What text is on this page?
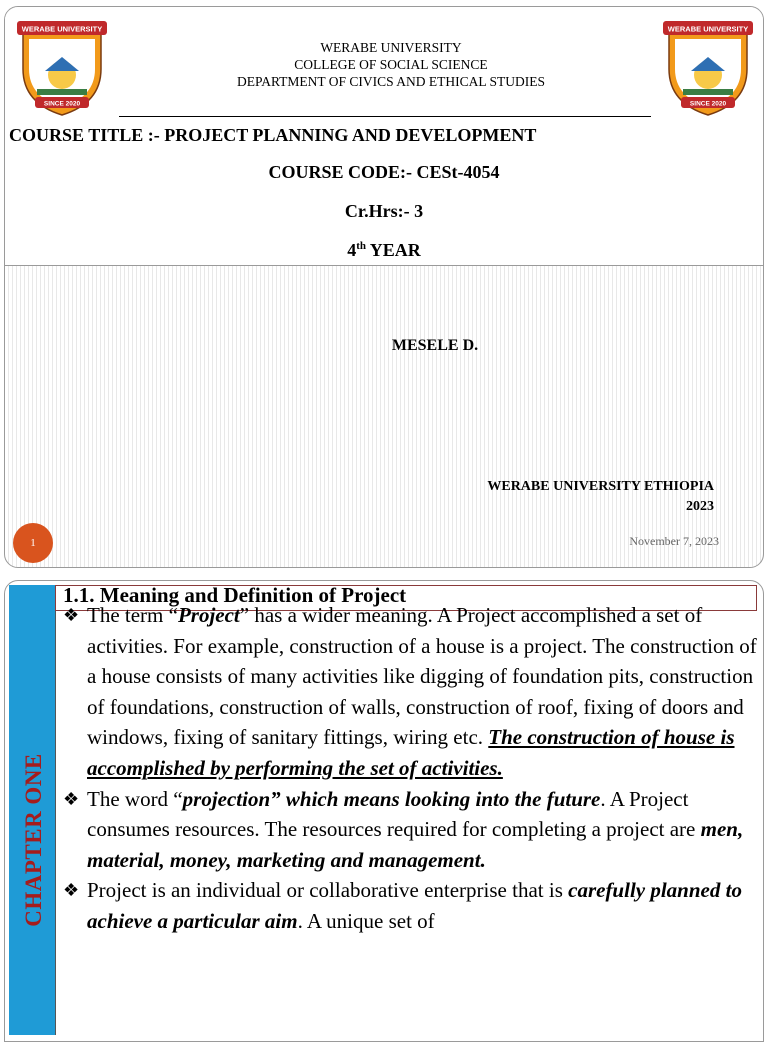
WERABE UNIVERSITY
SINCE 2020
WERABE UNIVERSITY
COLLEGE OF SOCIAL SCIENCE
DEPARTMENT OF CIVICS AND ETHICAL STUDIES
WERABE UNIVERSITY
SINCE 2020
COURSE TITLE :- PROJECT PLANNING AND DEVELOPMENT
COURSE CODE:- CESt-4054
Cr.Hrs:- 3
4th YEAR
MESELE D.
WERABE UNIVERSITY ETHIOPIA
2023
1	November 7, 2023
CHAPTER ONE
1.1. Meaning and Definition of Project
❖ The term “Project” has a wider meaning. A Project accomplished a set of activities. For example, construction of a house is a project. The construction of a house consists of many activities like digging of foundation pits, construction of foundations, construction of walls, construction of roof, fixing of doors and windows, fixing of sanitary fittings, wiring etc. The construction of house is accomplished by performing the set of activities.
❖ The word “projection” which means looking into the future. A Project consumes resources. The resources required for completing a project are men, material, money, marketing and management.
❖ Project is an individual or collaborative enterprise that is carefully planned to achieve a particular aim. A unique set of
